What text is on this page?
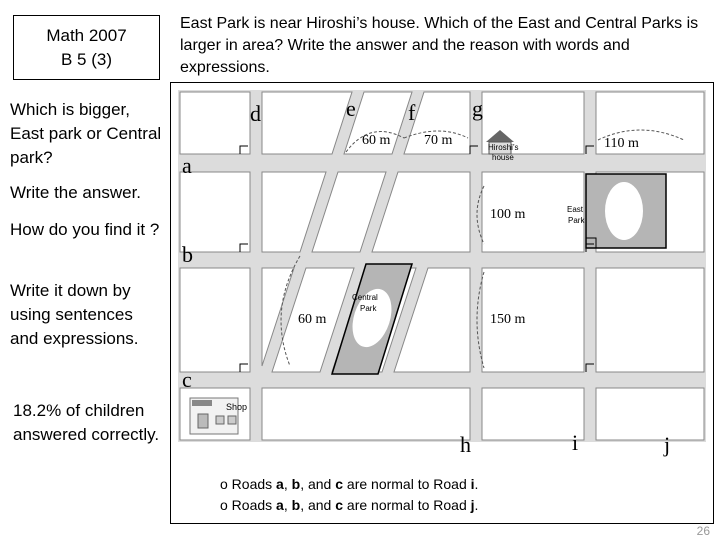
Math 2007
B 5 (3)
East Park is near Hiroshi’s house. Which of the East and Central Parks is larger in area? Write the answer and the reason with words and expressions.
Which is bigger, East park or Central park?
Write the answer.
How do you find it ?
Write it down by using sentences and expressions.
18.2% of children answered correctly.
a
b
c
d	e f	g
h	i	j
60 m 70 m	110 m
100 m
60 m	150 m
Hiroshi’s
house
East
Park
Central
Park
Shop
o Roads a, b, and c are normal to Road i.
o Roads a, b, and c are normal to Road j.
26
